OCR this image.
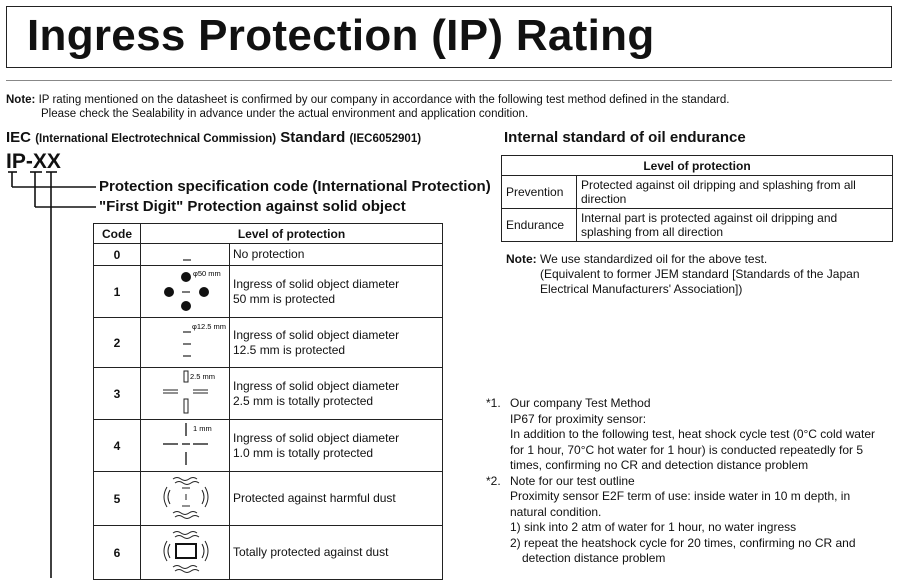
Ingress Protection (IP) Rating
Note: IP rating mentioned on the datasheet is confirmed by our company in accordance with the following test method defined in the standard.
Please check the Sealability in advance under the actual environment and application condition.
IEC (International Electrotechnical Commission) Standard (IEC6052901)
IP-XX
Protection specification code (International Protection)
"First Digit" Protection against solid object
Code	Level of protection	
0		No protection
1	φ50 mm	Ingress of solid object diameter
50 mm is protected

2	φ12.5 mm	Ingress of solid object diameter
12.5 mm is protected

3	2.5 mm	Ingress of solid object diameter
2.5 mm is totally protected

4	1 mm	Ingress of solid object diameter
1.0 mm is totally protected

5		Protected against harmful dust
6		Totally protected against dust
Internal standard of oil endurance
Level of protection	
Prevention	Protected against oil dripping and splashing from all direction
Endurance	Internal part is protected against oil dripping and splashing from all direction
Note: We use standardized oil for the above test.
(Equivalent to former JEM standard [Standards of the Japan
Electrical Manufacturers' Association])
*1. Our company Test Method
IP67 for proximity sensor:
In addition to the following test, heat shock cycle test (0°C cold water
for 1 hour, 70°C hot water for 1 hour) is conducted repeatedly for 5
times, confirming no CR and detection distance problem
*2. Note for our test outline
Proximity sensor E2F term of use: inside water in 10 m depth, in
natural condition.
1) sink into 2 atm of water for 1 hour, no water ingress
2) repeat the heatshock cycle for 20 times, confirming no CR and
detection distance problem
